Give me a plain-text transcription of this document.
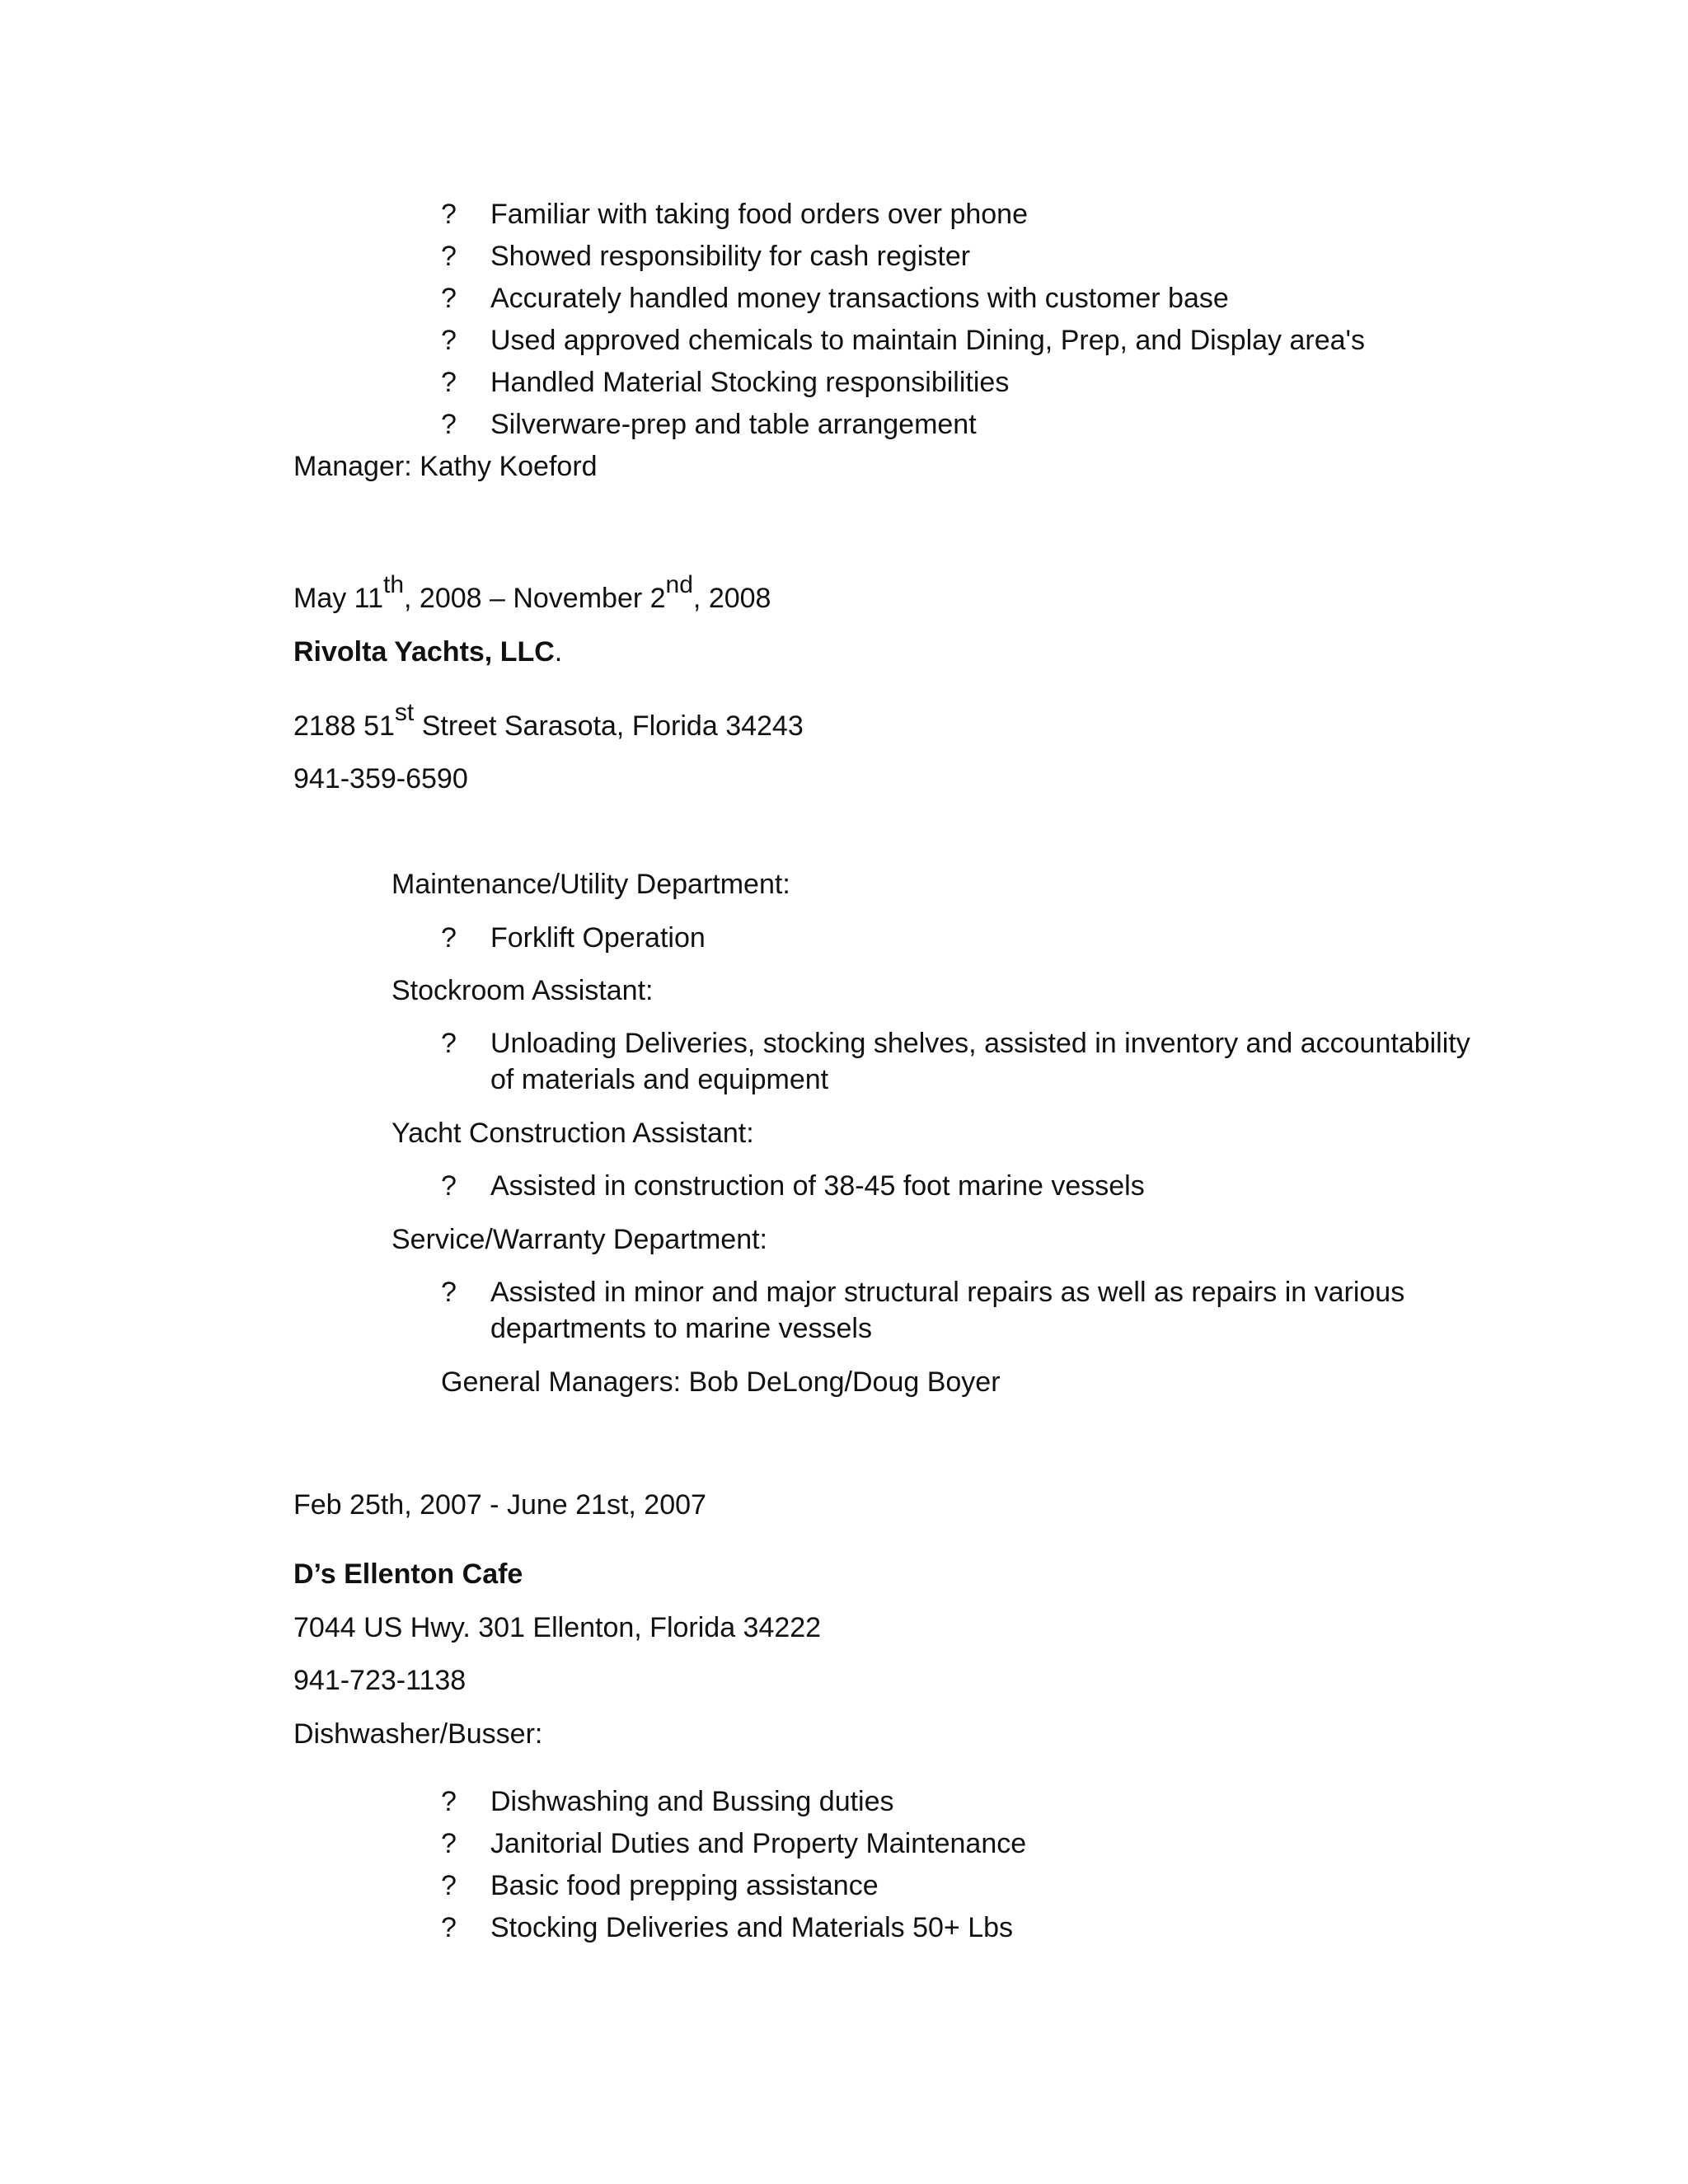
?	Familiar with taking food orders over phone
?	Showed responsibility for cash register
?	Accurately handled money transactions with customer base
?	Used approved chemicals to maintain Dining, Prep, and Display area's
?	Handled Material Stocking responsibilities
?	Silverware-prep and table arrangement
Manager: Kathy Koeford
May 11th, 2008 – November 2nd, 2008
Rivolta Yachts, LLC.
2188 51st Street Sarasota, Florida 34243
941-359-6590
Maintenance/Utility Department:
?	Forklift Operation
Stockroom Assistant:
?	Unloading Deliveries, stocking shelves, assisted in inventory and accountability of materials and equipment
Yacht Construction Assistant:
?	Assisted in construction of 38-45 foot marine vessels
Service/Warranty Department:
?	Assisted in minor and major structural repairs as well as repairs in various departments to marine vessels
General Managers: Bob DeLong/Doug Boyer
Feb 25th, 2007 - June 21st, 2007
D’s Ellenton Cafe
7044 US Hwy. 301 Ellenton, Florida 34222
941-723-1138
Dishwasher/Busser:
?	Dishwashing and Bussing duties
?	Janitorial Duties and Property Maintenance
?	Basic food prepping assistance
?	Stocking Deliveries and Materials 50+ Lbs
